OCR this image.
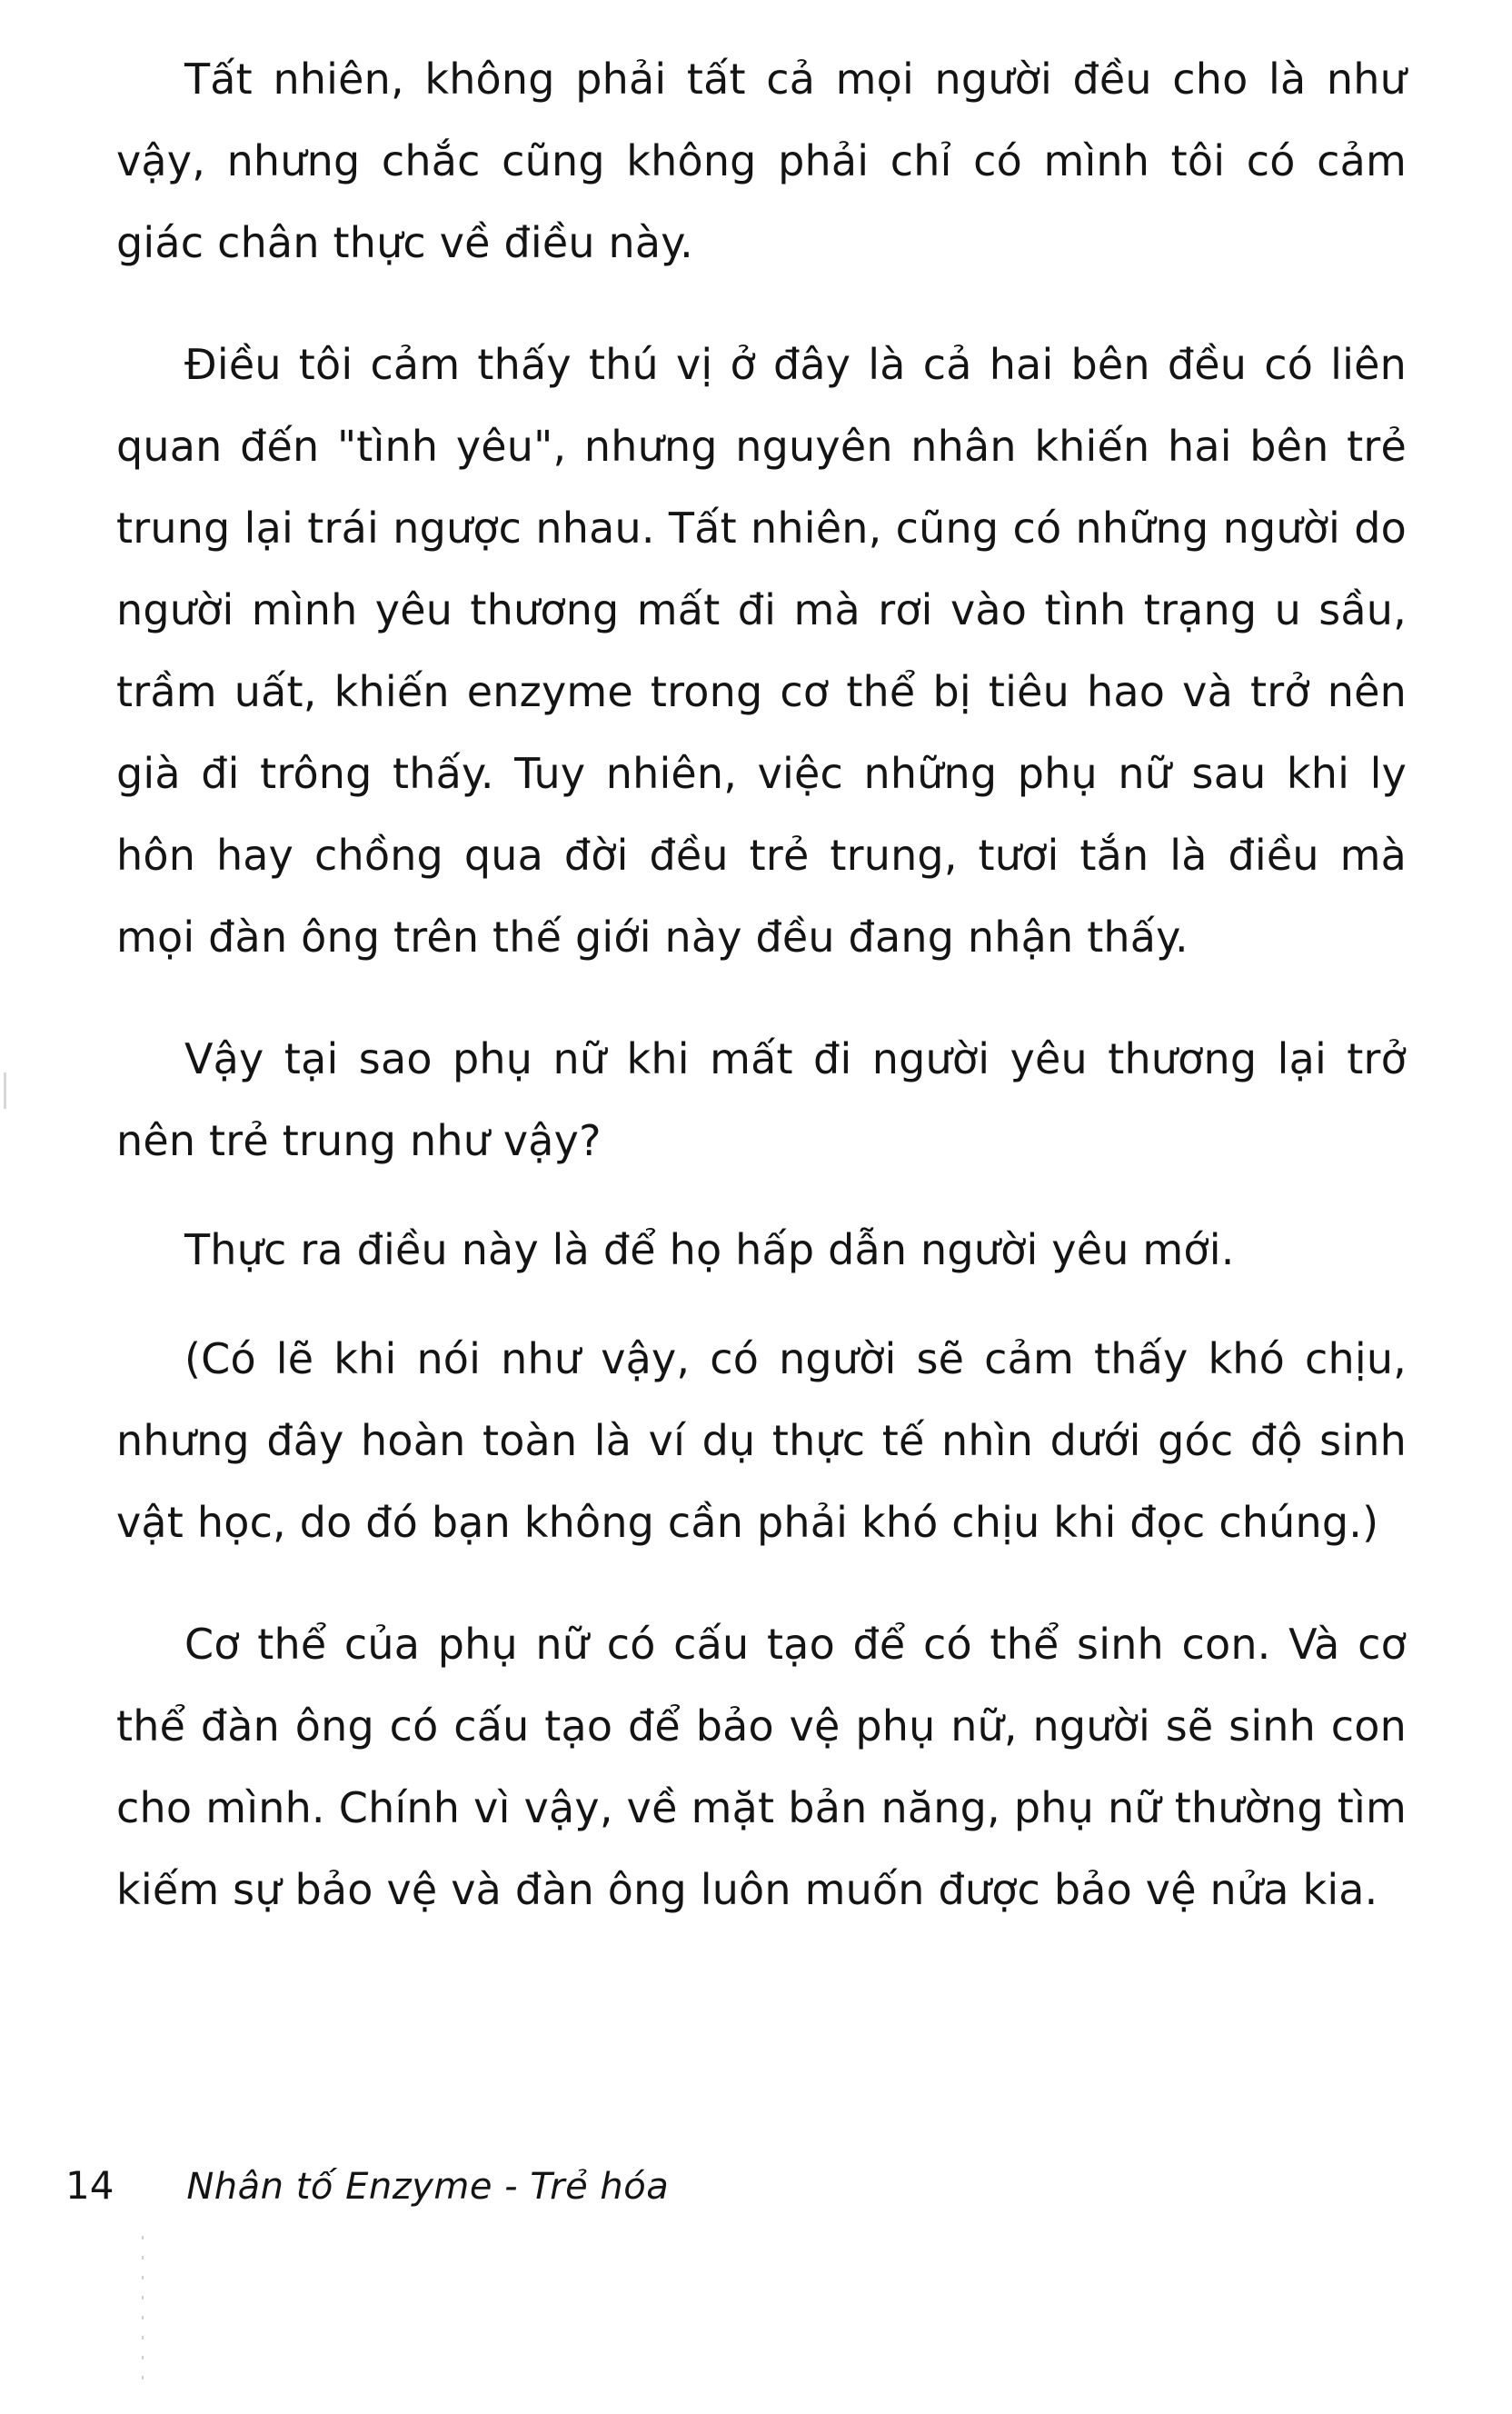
Tất nhiên, không phải tất cả mọi người đều cho là như vậy, nhưng chắc cũng không phải chỉ có mình tôi có cảm giác chân thực về điều này.

Điều tôi cảm thấy thú vị ở đây là cả hai bên đều có liên quan đến "tình yêu", nhưng nguyên nhân khiến hai bên trẻ trung lại trái ngược nhau. Tất nhiên, cũng có những người do người mình yêu thương mất đi mà rơi vào tình trạng u sầu, trầm uất, khiến enzyme trong cơ thể bị tiêu hao và trở nên già đi trông thấy. Tuy nhiên, việc những phụ nữ sau khi ly hôn hay chồng qua đời đều trẻ trung, tươi tắn là điều mà mọi đàn ông trên thế giới này đều đang nhận thấy.

Vậy tại sao phụ nữ khi mất đi người yêu thương lại trở nên trẻ trung như vậy?

Thực ra điều này là để họ hấp dẫn người yêu mới.

(Có lẽ khi nói như vậy, có người sẽ cảm thấy khó chịu, nhưng đây hoàn toàn là ví dụ thực tế nhìn dưới góc độ sinh vật học, do đó bạn không cần phải khó chịu khi đọc chúng.)

Cơ thể của phụ nữ có cấu tạo để có thể sinh con. Và cơ thể đàn ông có cấu tạo để bảo vệ phụ nữ, người sẽ sinh con cho mình. Chính vì vậy, về mặt bản năng, phụ nữ thường tìm kiếm sự bảo vệ và đàn ông luôn muốn được bảo vệ nửa kia.

14 Nhân tố Enzyme - Trẻ hóa
